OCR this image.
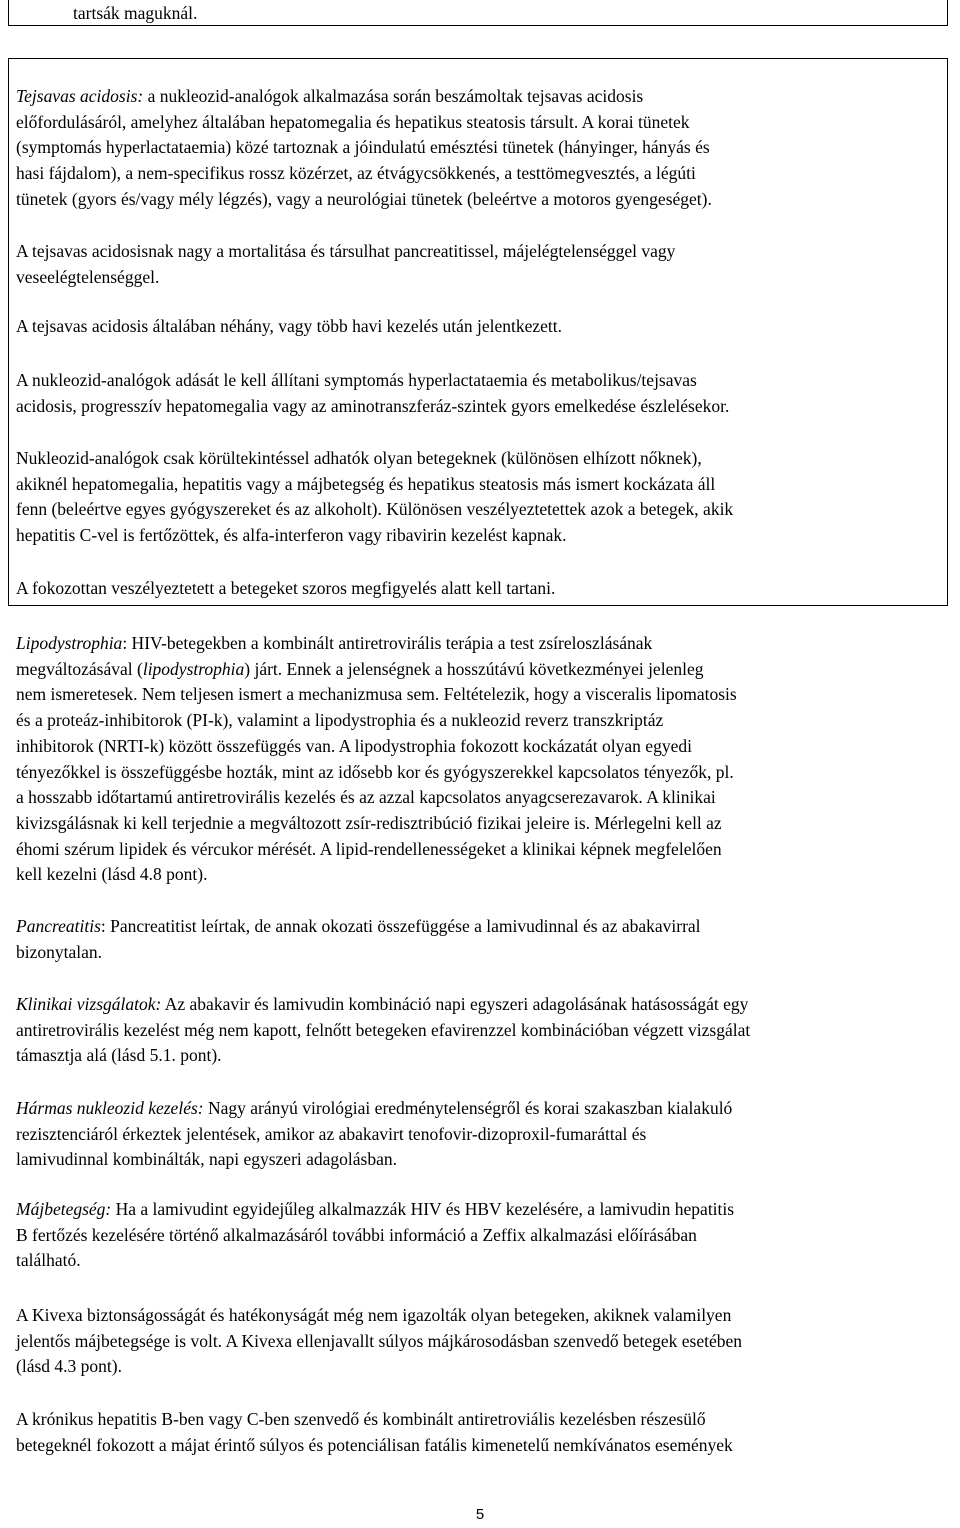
tartsák maguknál.
Tejsavas acidosis: a nukleozid-analógok alkalmazása során beszámoltak tejsavas acidosis
előfordulásáról, amelyhez általában hepatomegalia és hepatikus steatosis társult. A korai tünetek
(symptomás hyperlactataemia) közé tartoznak a jóindulatú emésztési tünetek (hányinger, hányás és
hasi fájdalom), a nem-specifikus rossz közérzet, az étvágycsökkenés, a testtömegvesztés, a légúti
tünetek (gyors és/vagy mély légzés), vagy a neurológiai tünetek (beleértve a motoros gyengeséget).
A tejsavas acidosisnak nagy a mortalitása és társulhat pancreatitissel, májelégtelenséggel vagy
veseelégtelenséggel.
A tejsavas acidosis általában néhány, vagy több havi kezelés után jelentkezett.
A nukleozid-analógok adását le kell állítani symptomás hyperlactataemia és metabolikus/tejsavas
acidosis, progresszív hepatomegalia vagy az aminotranszferáz-szintek gyors emelkedése észlelésekor.
Nukleozid-analógok csak körültekintéssel adhatók olyan betegeknek (különösen elhízott nőknek),
akiknél hepatomegalia, hepatitis vagy a májbetegség és hepatikus steatosis más ismert kockázata áll
fenn (beleértve egyes gyógyszereket és az alkoholt). Különösen veszélyeztetettek azok a betegek, akik
hepatitis C-vel is fertőzöttek, és alfa-interferon vagy ribavirin kezelést kapnak.
A fokozottan veszélyeztetett a betegeket szoros megfigyelés alatt kell tartani.
Lipodystrophia: HIV-betegekben a kombinált antiretrovirális terápia a test zsíreloszlásának
megváltozásával (lipodystrophia) járt. Ennek a jelenségnek a hosszútávú következményei jelenleg
nem ismeretesek. Nem teljesen ismert a mechanizmusa sem. Feltételezik, hogy a visceralis lipomatosis
és a proteáz-inhibitorok (PI-k), valamint a lipodystrophia és a nukleozid reverz transzkriptáz
inhibitorok (NRTI-k) között összefüggés van. A lipodystrophia fokozott kockázatát olyan egyedi
tényezőkkel is összefüggésbe hozták, mint az idősebb kor és gyógyszerekkel kapcsolatos tényezők, pl.
a hosszabb időtartamú antiretrovirális kezelés és az azzal kapcsolatos anyagcserezavarok. A klinikai
kivizsgálásnak ki kell terjednie a megváltozott zsír-redisztribúció fizikai jeleire is. Mérlegelni kell az
éhomi szérum lipidek és vércukor mérését. A lipid-rendellenességeket a klinikai képnek megfelelően
kell kezelni (lásd 4.8 pont).
Pancreatitis: Pancreatitist leírtak, de annak okozati összefüggése a lamivudinnal és az abakavirral
bizonytalan.
Klinikai vizsgálatok: Az abakavir és lamivudin kombináció napi egyszeri adagolásának hatásosságát egy
antiretrovirális kezelést még nem kapott, felnőtt betegeken efavirenzzel kombinációban végzett vizsgálat
támasztja alá (lásd 5.1. pont).
Hármas nukleozid kezelés: Nagy arányú virológiai eredménytelenségről és korai szakaszban kialakuló
rezisztenciáról érkeztek jelentések, amikor az abakavirt tenofovir-dizoproxil-fumaráttal és
lamivudinnal kombinálták, napi egyszeri adagolásban.
Májbetegség: Ha a lamivudint egyidejűleg alkalmazzák HIV és HBV kezelésére, a lamivudin hepatitis
B fertőzés kezelésére történő alkalmazásáról további információ a Zeffix alkalmazási előírásában
található.
A Kivexa biztonságosságát és hatékonyságát még nem igazolták olyan betegeken, akiknek valamilyen
jelentős májbetegsége is volt. A Kivexa ellenjavallt súlyos májkárosodásban szenvedő betegek esetében
(lásd 4.3 pont).
A krónikus hepatitis B-ben vagy C-ben szenvedő és kombinált antiretroviális kezelésben részesülő
betegeknél fokozott a májat érintő súlyos és potenciálisan fatális kimenetelű nemkívánatos események
5
